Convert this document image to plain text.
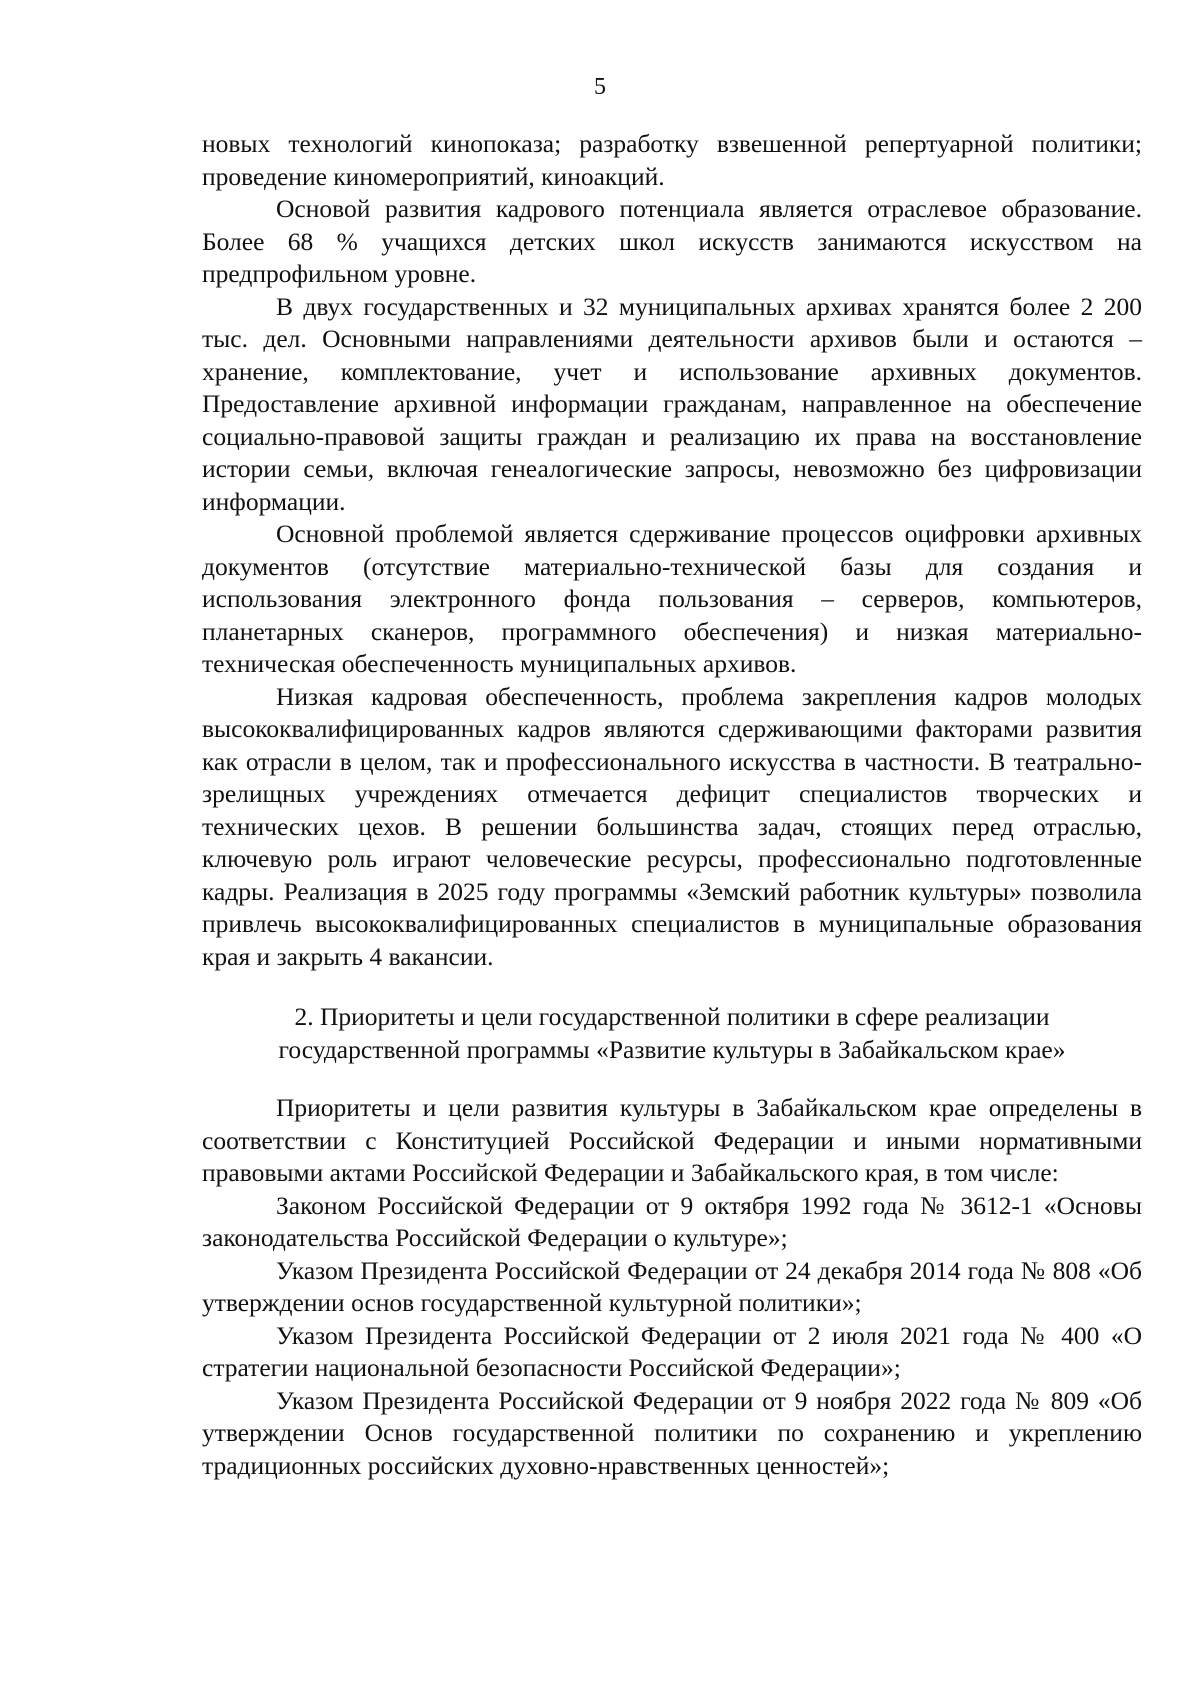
5

новых технологий кинопоказа; разработку взвешенной репертуарной политики; проведение киномероприятий, киноакций.

Основой развития кадрового потенциала является отраслевое образование. Более 68 % учащихся детских школ искусств занимаются искусством на предпрофильном уровне.

В двух государственных и 32 муниципальных архивах хранятся более 2 200 тыс. дел. Основными направлениями деятельности архивов были и остаются – хранение, комплектование, учет и использование архивных документов. Предоставление архивной информации гражданам, направленное на обеспечение социально-правовой защиты граждан и реализацию их права на восстановление истории семьи, включая генеалогические запросы, невозможно без цифровизации информации.

Основной проблемой является сдерживание процессов оцифровки архивных документов (отсутствие материально-технической базы для создания и использования электронного фонда пользования – серверов, компьютеров, планетарных сканеров, программного обеспечения) и низкая материально-техническая обеспеченность муниципальных архивов.

Низкая кадровая обеспеченность, проблема закрепления кадров молодых высококвалифицированных кадров являются сдерживающими факторами развития как отрасли в целом, так и профессионального искусства в частности. В театрально-зрелищных учреждениях отмечается дефицит специалистов творческих и технических цехов. В решении большинства задач, стоящих перед отраслью, ключевую роль играют человеческие ресурсы, профессионально подготовленные кадры. Реализация в 2025 году программы «Земский работник культуры» позволила привлечь высококвалифицированных специалистов в муниципальные образования края и закрыть 4 вакансии.

2. Приоритеты и цели государственной политики в сфере реализации
государственной программы «Развитие культуры в Забайкальском крае»

Приоритеты и цели развития культуры в Забайкальском крае определены в соответствии с Конституцией Российской Федерации и иными нормативными правовыми актами Российской Федерации и Забайкальского края, в том числе:

Законом Российской Федерации от 9 октября 1992 года № 3612-1 «Основы законодательства Российской Федерации о культуре»;

Указом Президента Российской Федерации от 24 декабря 2014 года № 808 «Об утверждении основ государственной культурной политики»;

Указом Президента Российской Федерации от 2 июля 2021 года № 400 «О стратегии национальной безопасности Российской Федерации»;

Указом Президента Российской Федерации от 9 ноября 2022 года № 809 «Об утверждении Основ государственной политики по сохранению и укреплению традиционных российских духовно-нравственных ценностей»;
